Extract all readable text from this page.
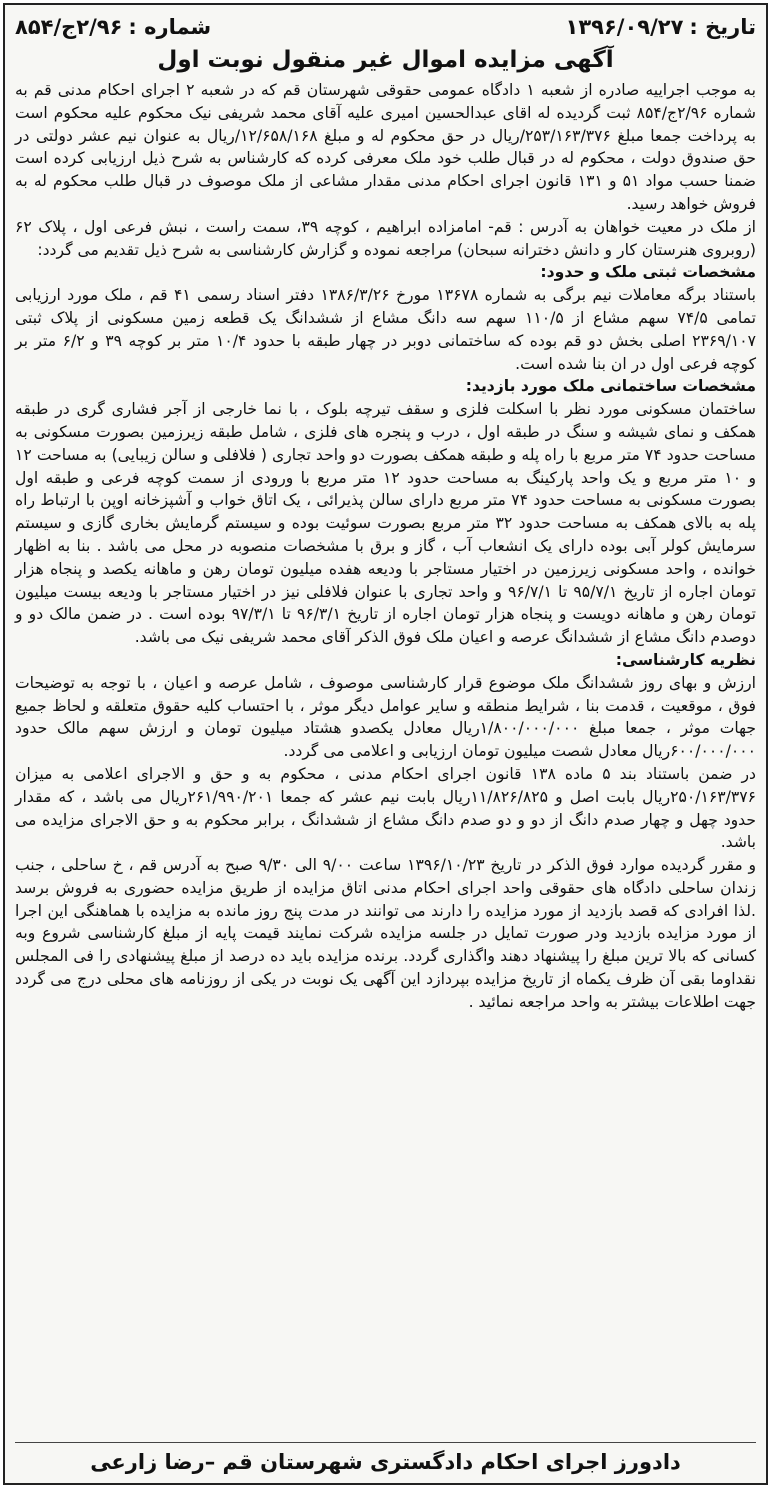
تاریخ :
۱۳۹۶/۰۹/۲۷
شماره :
۲/۹۶ج/۸۵۴
آگهی مزایده اموال غیر منقول نوبت اول

به موجب اجراییه صادره از شعبه ۱ دادگاه عمومی حقوقی شهرستان قم که در شعبه ۲ اجرای احکام مدنی قم به شماره ۲/۹۶ج/۸۵۴ ثبت گردیده له اقای عبدالحسین امیری علیه آقای محمد شریفی نیک محکوم علیه محکوم است به پرداخت جمعا مبلغ ۲۵۳/۱۶۳/۳۷۶/ریال در حق محکوم له و مبلغ ۱۲/۶۵۸/۱۶۸/ریال به عنوان نیم عشر دولتی در حق صندوق دولت ، محکوم له در قبال طلب خود ملک معرفی کرده که کارشناس به شرح ذیل ارزیابی کرده است ضمنا حسب مواد ۵۱ و ۱۳۱ قانون اجرای احکام مدنی مقدار مشاعی از ملک موصوف در قبال طلب محکوم له به فروش خواهد رسید.

از ملک در معیت خواهان به آدرس : قم- امامزاده ابراهیم ، کوچه ۳۹، سمت راست ، نبش فرعی اول ، پلاک ۶۲ (روبروی هنرستان کار و دانش دخترانه سبحان) مراجعه نموده و گزارش کارشناسی به شرح ذیل تقدیم می گردد:

مشخصات ثبتی ملک و حدود:

باستناد برگه معاملات نیم برگی به شماره ۱۳۶۷۸ مورخ ۱۳۸۶/۳/۲۶ دفتر اسناد رسمی ۴۱ قم ، ملک مورد ارزیابی تمامی ۷۴/۵ سهم مشاع از ۱۱۰/۵ سهم سه دانگ مشاع از ششدانگ یک قطعه زمین مسکونی از پلاک ثبتی ۲۳۶۹/۱۰۷ اصلی بخش دو قم بوده که ساختمانی دوبر در چهار طبقه با حدود ۱۰/۴ متر بر کوچه ۳۹ و ۶/۲ متر بر کوچه فرعی اول در ان بنا شده است.

مشخصات ساختمانی ملک مورد بازدید:

ساختمان مسکونی مورد نظر با اسکلت فلزی و سقف تیرچه بلوک ، با نما خارجی از آجر فشاری گری در طبقه همکف و نمای شیشه و سنگ در طبقه اول ، درب و پنجره های فلزی ، شامل طبقه زیرزمین بصورت مسکونی به مساحت حدود ۷۴ متر مربع با راه پله و طبقه همکف بصورت دو واحد تجاری ( فلافلی و سالن زیبایی) به مساحت ۱۲ و ۱۰ متر مربع و یک واحد پارکینگ به مساحت حدود ۱۲ متر مربع با ورودی از سمت کوچه فرعی و طبقه اول بصورت مسکونی به مساحت حدود ۷۴ متر مربع دارای سالن پذیرائی ، یک اتاق خواب و آشپزخانه اوپن با ارتباط راه پله به بالای همکف به مساحت حدود ۳۲ متر مربع بصورت سوئیت بوده و سیستم گرمایش بخاری گازی و سیستم سرمایش کولر آبی بوده دارای یک انشعاب آب ، گاز و برق با مشخصات منصوبه در محل می باشد . بنا به اظهار خوانده ، واحد مسکونی زیرزمین در اختیار مستاجر با ودیعه هفده میلیون تومان رهن و ماهانه یکصد و پنجاه هزار تومان اجاره از تاریخ ۹۵/۷/۱ تا ۹۶/۷/۱ و واحد تجاری با عنوان فلافلی نیز در اختیار مستاجر با ودیعه بیست میلیون تومان رهن و ماهانه دویست و پنجاه هزار تومان اجاره از تاریخ ۹۶/۳/۱ تا ۹۷/۳/۱ بوده است . در ضمن مالک دو و دوصدم دانگ مشاع از ششدانگ عرصه و اعیان ملک فوق الذکر آقای محمد شریفی نیک می باشد.

نظریه کارشناسی:

ارزش و بهای روز ششدانگ ملک موضوع قرار کارشناسی موصوف ، شامل عرصه و اعیان ، با توجه به توضیحات فوق ، موقعیت ، قدمت بنا ، شرایط منطقه و سایر عوامل دیگر موثر ، با احتساب کلیه حقوق متعلقه و لحاظ جمیع جهات موثر ، جمعا مبلغ ۱/۸۰۰/۰۰۰/۰۰۰ریال معادل یکصدو هشتاد میلیون تومان و ارزش سهم مالک حدود ۶۰۰/۰۰۰/۰۰۰ریال معادل شصت میلیون تومان ارزیابی و اعلامی می گردد.

در ضمن باستناد بند ۵ ماده ۱۳۸ قانون اجرای احکام مدنی ، محکوم به و حق و الاجرای اعلامی به میزان ۲۵۰/۱۶۳/۳۷۶ریال بابت اصل و ۱۱/۸۲۶/۸۲۵ریال بابت نیم عشر که جمعا ۲۶۱/۹۹۰/۲۰۱ریال می باشد ، که مقدار حدود چهل و چهار صدم دانگ از دو و دو صدم دانگ مشاع از ششدانگ ، برابر محکوم به و حق الاجرای مزایده می باشد.

و مقرر گردیده موارد فوق الذکر در تاریخ ۱۳۹۶/۱۰/۲۳ ساعت ۹/۰۰ الی ۹/۳۰ صبح به آدرس قم ، خ ساحلی ، جنب زندان ساحلی دادگاه های حقوقی واحد اجرای احکام مدنی اتاق مزایده از طریق مزایده حضوری به فروش برسد .لذا افرادی که قصد بازدید از مورد مزایده را دارند می توانند در مدت پنج روز مانده به مزایده با هماهنگی این اجرا از مورد مزایده بازدید ودر صورت تمایل در جلسه مزایده شرکت نمایند قیمت پایه از مبلغ کارشناسی شروع وبه کسانی که بالا ترین مبلغ را پیشنهاد دهند واگذاری گردد. برنده مزایده باید ده درصد از مبلغ پیشنهادی را فی المجلس نقداوما بقی آن ظرف یکماه از تاریخ مزایده بپردازد این آگهی یک نوبت در یکی از روزنامه های محلی درج می گردد جهت اطلاعات بیشتر به واحد مراجعه نمائید .

دادورز اجرای احکام دادگستری شهرستان قم –رضا زارعی
